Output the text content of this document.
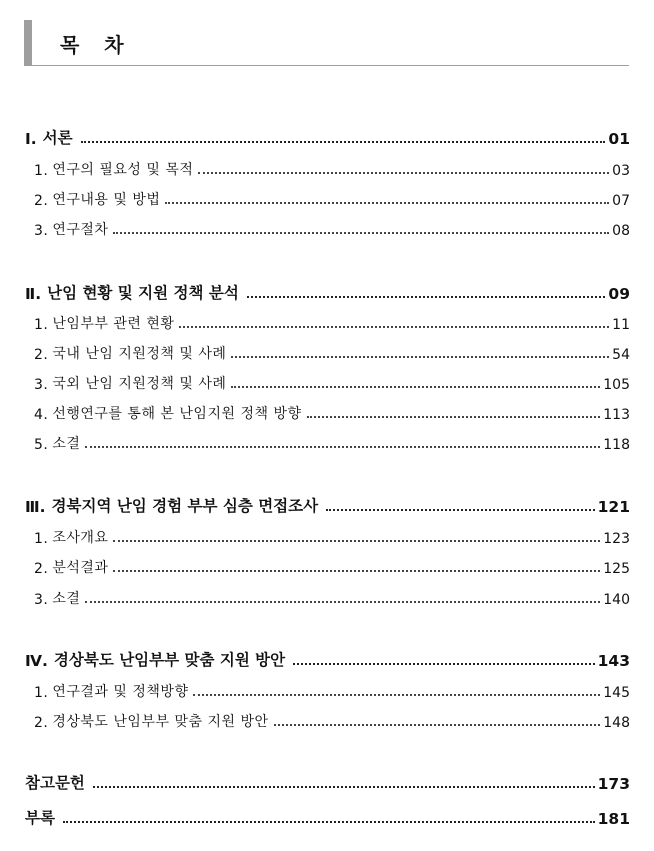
목 차
Ⅰ. 서론	01
1. 연구의 필요성 및 목적	03
2. 연구내용 및 방법	07
3. 연구절차	08
Ⅱ. 난임 현황 및 지원 정책 분석	09
1. 난임부부 관련 현황	11
2. 국내 난임 지원정책 및 사례	54
3. 국외 난임 지원정책 및 사례	105
4. 선행연구를 통해 본 난임지원 정책 방향	113
5. 소결	118
Ⅲ. 경북지역 난임 경험 부부 심층 면접조사	121
1. 조사개요	123
2. 분석결과	125
3. 소결	140
Ⅳ. 경상북도 난임부부 맞춤 지원 방안	143
1. 연구결과 및 정책방향	145
2. 경상북도 난임부부 맞춤 지원 방안	148
참고문헌	173
부록	181
